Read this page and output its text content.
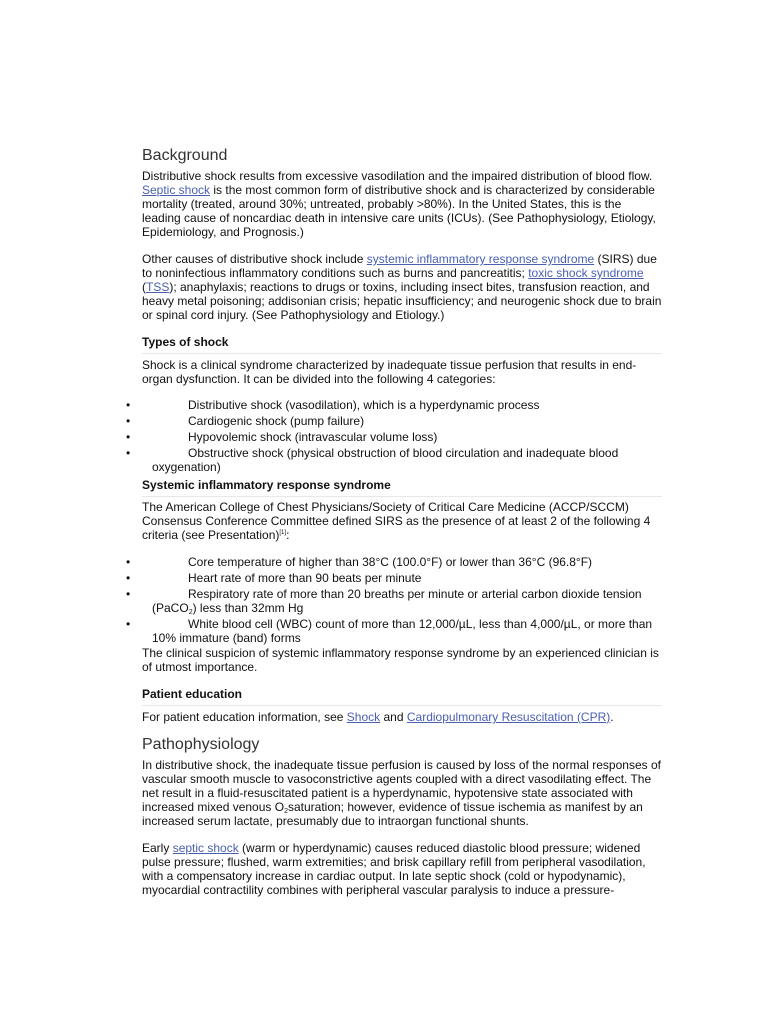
Background

Distributive shock results from excessive vasodilation and the impaired distribution of blood flow. Septic shock is the most common form of distributive shock and is characterized by considerable mortality (treated, around 30%; untreated, probably >80%). In the United States, this is the leading cause of noncardiac death in intensive care units (ICUs). (See Pathophysiology, Etiology, Epidemiology, and Prognosis.)

Other causes of distributive shock include systemic inflammatory response syndrome (SIRS) due to noninfectious inflammatory conditions such as burns and pancreatitis; toxic shock syndrome (TSS); anaphylaxis; reactions to drugs or toxins, including insect bites, transfusion reaction, and heavy metal poisoning; addisonian crisis; hepatic insufficiency; and neurogenic shock due to brain or spinal cord injury. (See Pathophysiology and Etiology.)

Types of shock

Shock is a clinical syndrome characterized by inadequate tissue perfusion that results in end-organ dysfunction. It can be divided into the following 4 categories:

•	Distributive shock (vasodilation), which is a hyperdynamic process
•	Cardiogenic shock (pump failure)
•	Hypovolemic shock (intravascular volume loss)
•	Obstructive shock (physical obstruction of blood circulation and inadequate blood oxygenation)
Systemic inflammatory response syndrome

The American College of Chest Physicians/Society of Critical Care Medicine (ACCP/SCCM) Consensus Conference Committee defined SIRS as the presence of at least 2 of the following 4 criteria (see Presentation)[1]:

•	Core temperature of higher than 38°C (100.0°F) or lower than 36°C (96.8°F)
•	Heart rate of more than 90 beats per minute
•	Respiratory rate of more than 20 breaths per minute or arterial carbon dioxide tension (PaCO$_2$) less than 32mm Hg
•	White blood cell (WBC) count of more than 12,000/µL, less than 4,000/µL, or more than 10% immature (band) forms

The clinical suspicion of systemic inflammatory response syndrome by an experienced clinician is of utmost importance.

Patient education

For patient education information, see Shock and Cardiopulmonary Resuscitation (CPR).

Pathophysiology

In distributive shock, the inadequate tissue perfusion is caused by loss of the normal responses of vascular smooth muscle to vasoconstrictive agents coupled with a direct vasodilating effect. The net result in a fluid-resuscitated patient is a hyperdynamic, hypotensive state associated with increased mixed venous $O_2saturation$; however, evidence of tissue ischemia as manifest by an increased serum lactate, presumably due to intraorgan functional shunts.

Early septic shock (warm or hyperdynamic) causes reduced diastolic blood pressure; widened pulse pressure; flushed, warm extremities; and brisk capillary refill from peripheral vasodilation, with a compensatory increase in cardiac output. In late septic shock (cold or hypodynamic), myocardial contractility combines with peripheral vascular paralysis to induce a pressure-
